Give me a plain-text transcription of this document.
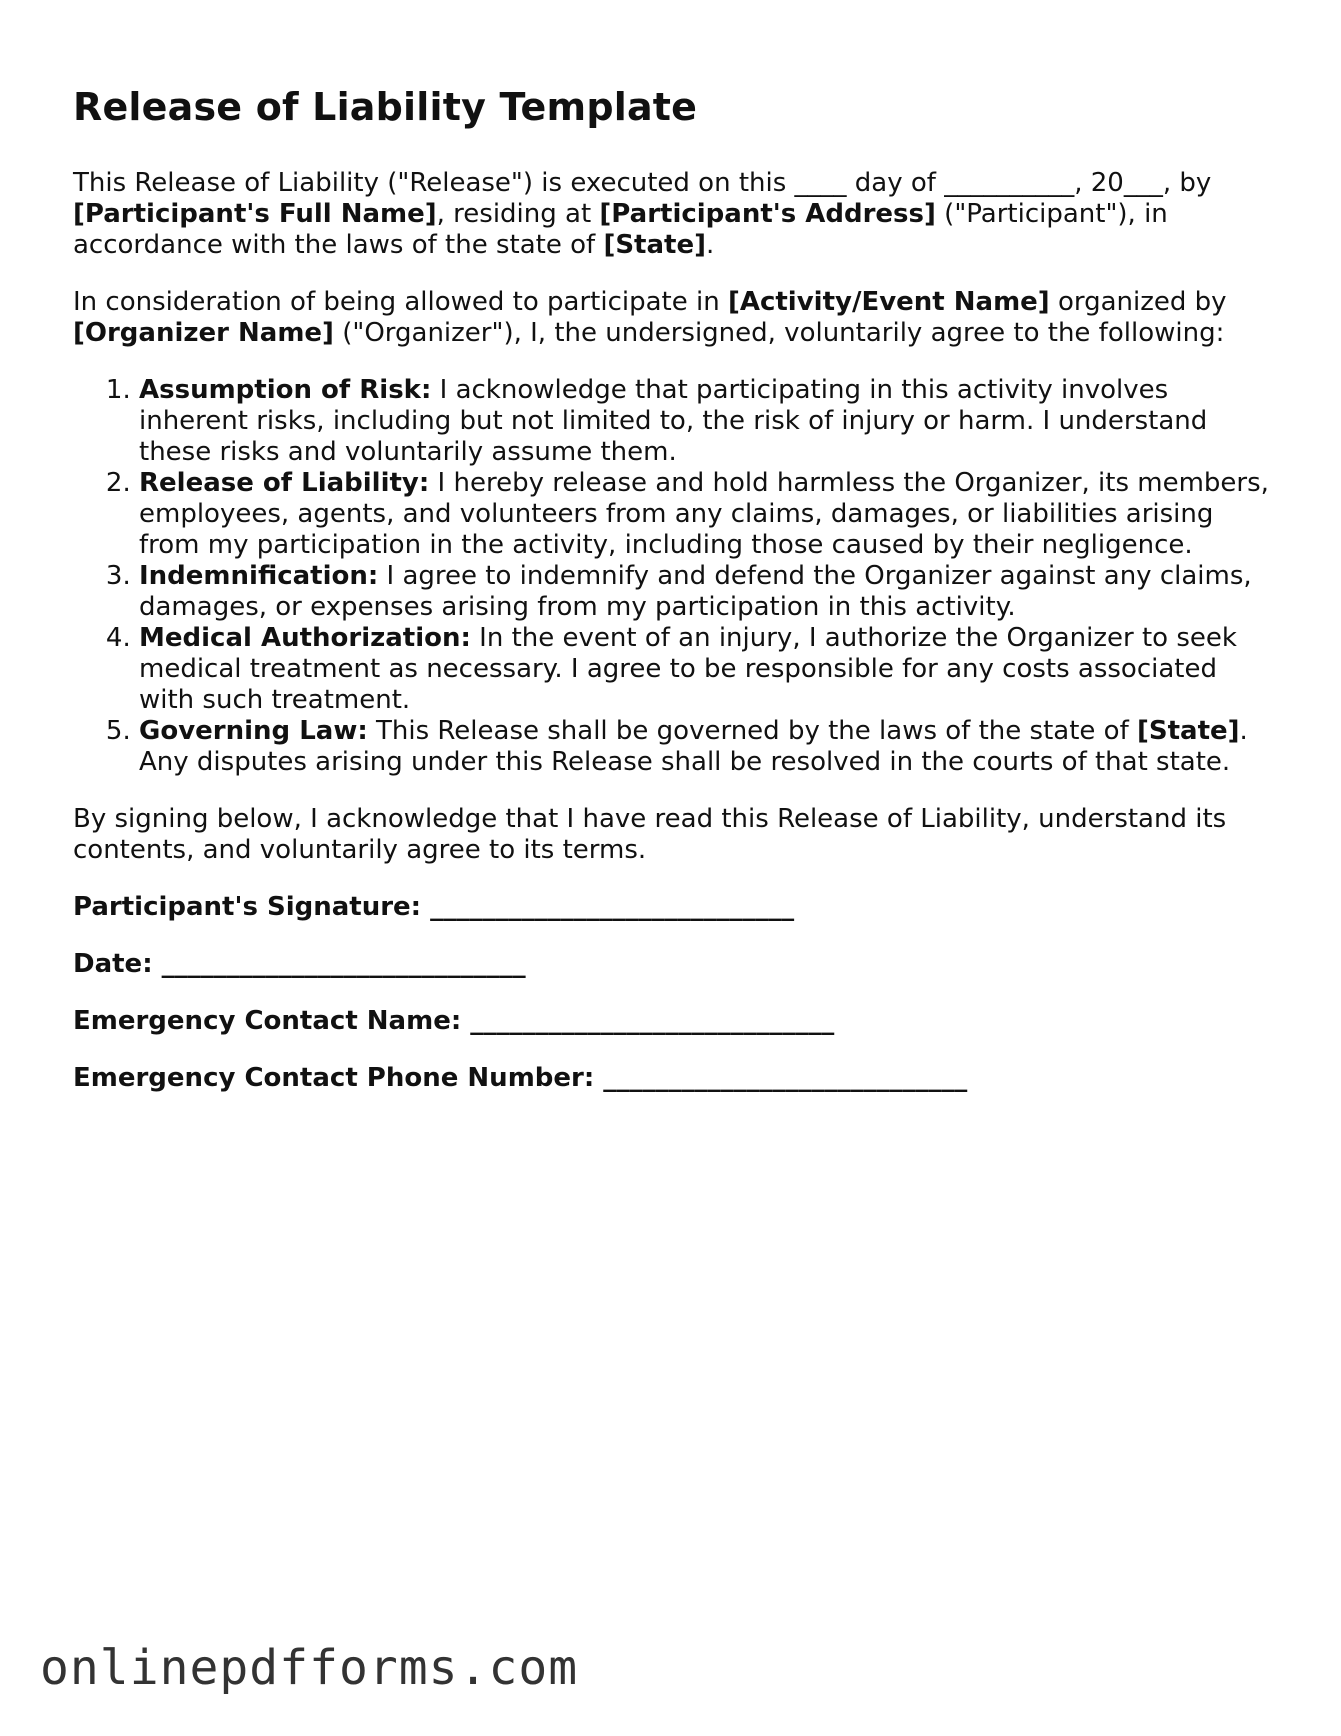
Release of Liability Template

This Release of Liability ("Release") is executed on this ____ day of __________, 20___, by [Participant's Full Name], residing at [Participant's Address] ("Participant"), in accordance with the laws of the state of [State].

In consideration of being allowed to participate in [Activity/Event Name] organized by [Organizer Name] ("Organizer"), I, the undersigned, voluntarily agree to the following:

1. Assumption of Risk: I acknowledge that participating in this activity involves inherent risks, including but not limited to, the risk of injury or harm. I understand these risks and voluntarily assume them.
2. Release of Liability: I hereby release and hold harmless the Organizer, its members, employees, agents, and volunteers from any claims, damages, or liabilities arising from my participation in the activity, including those caused by their negligence.
3. Indemnification: I agree to indemnify and defend the Organizer against any claims, damages, or expenses arising from my participation in this activity.
4. Medical Authorization: In the event of an injury, I authorize the Organizer to seek medical treatment as necessary. I agree to be responsible for any costs associated with such treatment.
5. Governing Law: This Release shall be governed by the laws of the state of [State]. Any disputes arising under this Release shall be resolved in the courts of that state.

By signing below, I acknowledge that I have read this Release of Liability, understand its contents, and voluntarily agree to its terms.

Participant's Signature: ____________________________
Date: ____________________________
Emergency Contact Name: ____________________________
Emergency Contact Phone Number: ____________________________
onlinepdfforms.com
